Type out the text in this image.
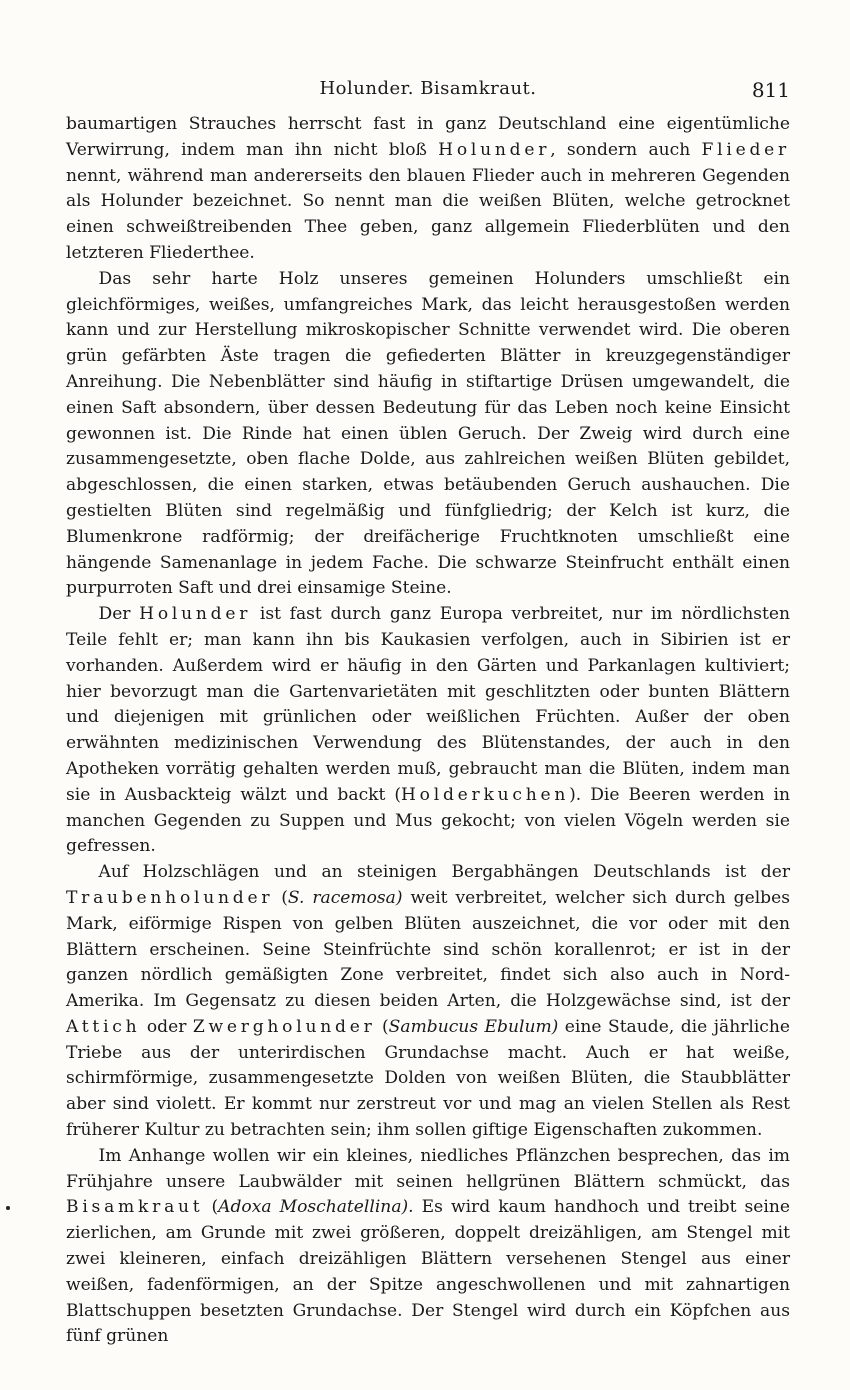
Holunder. Bisamkraut.	811

baumartigen Strauches herrscht fast in ganz Deutschland eine eigentümliche Verwirrung, indem man ihn nicht bloß Holunder, sondern auch Flieder nennt, während man andererseits den blauen Flieder auch in mehreren Gegenden als Holunder bezeichnet. So nennt man die weißen Blüten, welche getrocknet einen schweißtreibenden Thee geben, ganz allgemein Fliederblüten und den letzteren Fliederthee.

Das sehr harte Holz unseres gemeinen Holunders umschließt ein gleichförmiges, weißes, umfangreiches Mark, das leicht herausgestoßen werden kann und zur Herstellung mikroskopischer Schnitte verwendet wird. Die oberen grün gefärbten Äste tragen die gefiederten Blätter in kreuzgegenständiger Anreihung. Die Nebenblätter sind häufig in stiftartige Drüsen umgewandelt, die einen Saft absondern, über dessen Bedeutung für das Leben noch keine Einsicht gewonnen ist. Die Rinde hat einen üblen Geruch. Der Zweig wird durch eine zusammengesetzte, oben flache Dolde, aus zahlreichen weißen Blüten gebildet, abgeschlossen, die einen starken, etwas betäubenden Geruch aushauchen. Die gestielten Blüten sind regelmäßig und fünfgliedrig; der Kelch ist kurz, die Blumenkrone radförmig; der dreifächerige Fruchtknoten umschließt eine hängende Samenanlage in jedem Fache. Die schwarze Steinfrucht enthält einen purpurroten Saft und drei einsamige Steine.

Der Holunder ist fast durch ganz Europa verbreitet, nur im nördlichsten Teile fehlt er; man kann ihn bis Kaukasien verfolgen, auch in Sibirien ist er vorhanden. Außerdem wird er häufig in den Gärten und Parkanlagen kultiviert; hier bevorzugt man die Gartenvarietäten mit geschlitzten oder bunten Blättern und diejenigen mit grünlichen oder weißlichen Früchten. Außer der oben erwähnten medizinischen Verwendung des Blütenstandes, der auch in den Apotheken vorrätig gehalten werden muß, gebraucht man die Blüten, indem man sie in Ausbackteig wälzt und backt (Holderkuchen). Die Beeren werden in manchen Gegenden zu Suppen und Mus gekocht; von vielen Vögeln werden sie gefressen.

Auf Holzschlägen und an steinigen Bergabhängen Deutschlands ist der Traubenholunder (S. racemosa) weit verbreitet, welcher sich durch gelbes Mark, eiförmige Rispen von gelben Blüten auszeichnet, die vor oder mit den Blättern erscheinen. Seine Steinfrüchte sind schön korallenrot; er ist in der ganzen nördlich gemäßigten Zone verbreitet, findet sich also auch in Nord-Amerika. Im Gegensatz zu diesen beiden Arten, die Holzgewächse sind, ist der Attich oder Zwergholunder (Sambucus Ebulum) eine Staude, die jährliche Triebe aus der unterirdischen Grundachse macht. Auch er hat weiße, schirmförmige, zusammengesetzte Dolden von weißen Blüten, die Staubblätter aber sind violett. Er kommt nur zerstreut vor und mag an vielen Stellen als Rest früherer Kultur zu betrachten sein; ihm sollen giftige Eigenschaften zukommen.

Im Anhange wollen wir ein kleines, niedliches Pflänzchen besprechen, das im Frühjahre unsere Laubwälder mit seinen hellgrünen Blättern schmückt, das Bisamkraut (Adoxa Moschatellina). Es wird kaum handhoch und treibt seine zierlichen, am Grunde mit zwei größeren, doppelt dreizähligen, am Stengel mit zwei kleineren, einfach dreizähligen Blättern versehenen Stengel aus einer weißen, fadenförmigen, an der Spitze angeschwollenen und mit zahnartigen Blattschuppen besetzten Grundachse. Der Stengel wird durch ein Köpfchen aus fünf grünen
